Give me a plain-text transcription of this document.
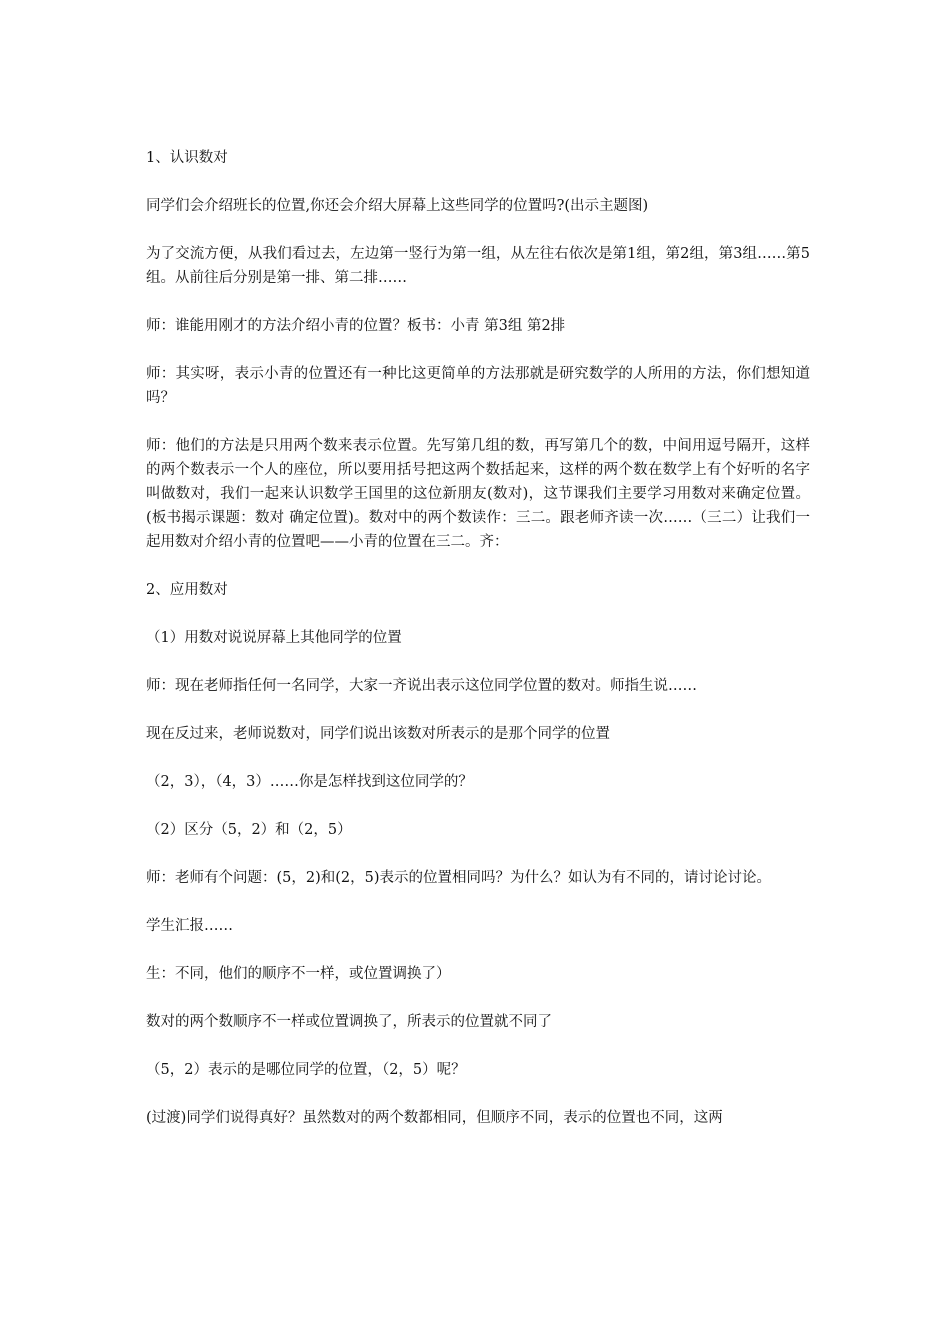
1、认识数对

同学们会介绍班长的位置,你还会介绍大屏幕上这些同学的位置吗?(出示主题图)

为了交流方便，从我们看过去，左边第一竖行为第一组，从左往右依次是第1组，第2组，第3组……第5组。从前往后分别是第一排、第二排……

师：谁能用刚才的方法介绍小青的位置？板书：小青 第3组 第2排

师：其实呀，表示小青的位置还有一种比这更简单的方法那就是研究数学的人所用的方法，你们想知道吗？

师：他们的方法是只用两个数来表示位置。先写第几组的数，再写第几个的数，中间用逗号隔开，这样的两个数表示一个人的座位，所以要用括号把这两个数括起来，这样的两个数在数学上有个好听的名字叫做数对，我们一起来认识数学王国里的这位新朋友(数对)，这节课我们主要学习用数对来确定位置。(板书揭示课题：数对 确定位置)。数对中的两个数读作：三二。跟老师齐读一次……（三二）让我们一起用数对介绍小青的位置吧——小青的位置在三二。齐：

2、应用数对

（1）用数对说说屏幕上其他同学的位置

师：现在老师指任何一名同学，大家一齐说出表示这位同学位置的数对。师指生说……

现在反过来，老师说数对，同学们说出该数对所表示的是那个同学的位置

（2，3），（4，3）……你是怎样找到这位同学的？

（2）区分（5，2）和（2，5）

师：老师有个问题：(5，2)和(2，5)表示的位置相同吗？为什么？如认为有不同的，请讨论讨论。

学生汇报……

生：不同，他们的顺序不一样，或位置调换了）

数对的两个数顺序不一样或位置调换了，所表示的位置就不同了

（5，2）表示的是哪位同学的位置，（2，5）呢？

(过渡)同学们说得真好？虽然数对的两个数都相同，但顺序不同，表示的位置也不同，这两
